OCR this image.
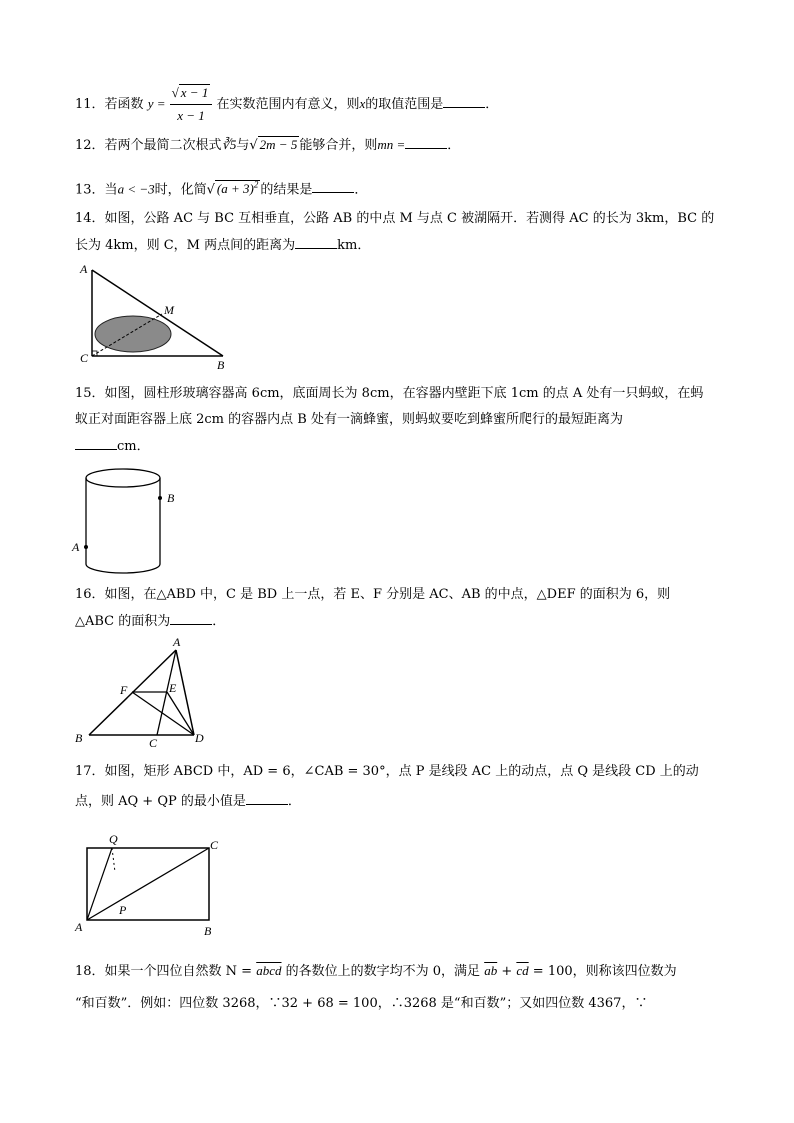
11．若函数 $y = \frac{√ x - 1}{x - 1}$ 在实数范围内有意义，则x的取值范围是	．
12．若两个最简二次根式∛5与√ 2m − 5 能够合并，则mn =	．
13．当a < −3时，化简√ $(a + 3)^2$ 的结果是	．
14．如图，公路 AC 与 BC 互相垂直，公路 AB 的中点 M 与点 C 被湖隔开．若测得 AC 的长为 3km，BC 的
长为 4km，则 C，M 两点间的距离为	km．
A
M
C	B
15．如图，圆柱形玻璃容器高 6cm，底面周长为 8cm，在容器内壁距下底 1cm 的点 A 处有一只蚂蚁，在蚂
蚁正对面距容器上底 2cm 的容器内点 B 处有一滴蜂蜜，则蚂蚁要吃到蜂蜜所爬行的最短距离为
cm．
B
A
16．如图，在△ABD 中，C 是 BD 上一点，若 E、F 分别是 AC、AB 的中点，△DEF 的面积为 6，则
△ABC 的面积为	．
A
F	E
B	C	D
17．如图，矩形 ABCD 中，AD = 6，∠CAB = 30°，点 P 是线段 AC 上的动点，点 Q 是线段 CD 上的动
点，则 AQ + QP 的最小值是	．
Q	C
P
A	B
18．如果一个四位自然数 N = abcd 的各数位上的数字均不为 0，满足 $\overline{ab} + \overline{cd} = 100$，则称该四位数为
“和百数”．例如：四位数 3268，∵32 + 68 = 100，∴3268 是“和百数”；又如四位数 4367，∵
